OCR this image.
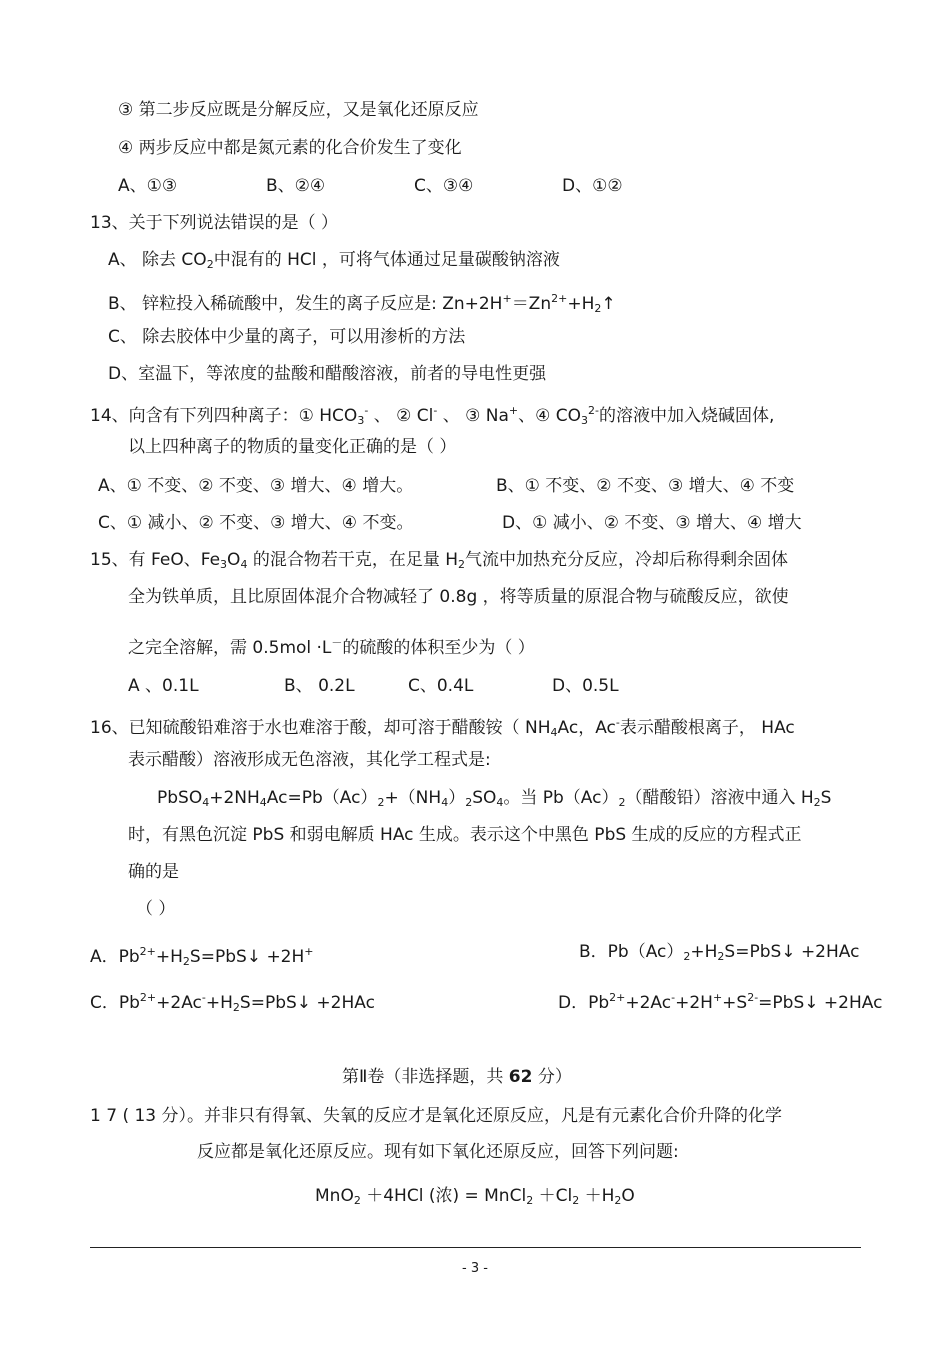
③ 第二步反应既是分解反应，又是氧化还原反应
④ 两步反应中都是氮元素的化合价发生了变化
A、①③	B、②④	C、③④	D、①②
13、关于下列说法错误的是（ ）
A、 除去 $CO_2$中混有的 HCl ，可将气体通过足量碳酸钠溶液
B、 锌粒投入稀硫酸中，发生的离子反应是: $Zn+2H^+=Zn^{2+}+H_2↑$
C、 除去胶体中少量的离子，可以用渗析的方法
D、室温下，等浓度的盐酸和醋酸溶液，前者的导电性更强
14、向含有下列四种离子：① $HCO_3^-$ 、 ② Cl- 、 ③ Na+、④ $CO_3^{2-}$的溶液中加入烧碱固体,
以上四种离子的物质的量变化正确的是（ ）
A、① 不变、② 不变、③ 增大、④ 增大。	B、① 不变、② 不变、③ 增大、④ 不变
C、① 减小、② 不变、③ 增大、④ 不变。	D、① 减小、② 不变、③ 增大、④ 增大
15、有 FeO、$Fe_3O_4$ 的混合物若干克，在足量 $H_2$气流中加热充分反应，冷却后称得剩余固体
全为铁单质，且比原固体混介合物减轻了 0.8g ，将等质量的原混合物与硫酸反应，欲使
之完全溶解，需 0.5mol ·L－的硫酸的体积至少为（ ）
A 、0.1L	B、 0.2L	C、0.4L	D、0.5L
16、已知硫酸铅难溶于水也难溶于酸，却可溶于醋酸铵（ $NH_4Ac$，Ac-表示醋酸根离子， HAc
表示醋酸）溶液形成无色溶液，其化学工程式是:
$PbSO_4+2NH_4Ac=Pb(Ac)_2+(NH_4)_2SO_4$。当 $Pb(Ac)_2$（醋酸铅）溶液中通入 $H_2S$
时，有黑色沉淀 PbS 和弱电解质 HAc 生成。表示这个中黑色 PbS 生成的反应的方程式正
确的是
（ ）
A．$Pb^{2+}+H_2S=PbS↓ +2H^+$	B．$Pb(Ac)_2+H_2S=PbS↓ +2HAc$
C．$Pb^{2+}+2Ac^-+H_2S=PbS↓ +2HAc$	D．$Pb^{2+}+2Ac^-+2H^++S^{2-}=PbS↓ +2HAc$
第Ⅱ卷（非选择题，共 62 分）
1 7 ( 13 分）。并非只有得氧、失氧的反应才是氧化还原反应，凡是有元素化合价升降的化学
反应都是氧化还原反应。现有如下氧化还原反应，回答下列问题:
MnO$_2$ ＋4HCl (浓) = MnCl$_2$ $+Cl_2 +H_2O$
- 3 -
